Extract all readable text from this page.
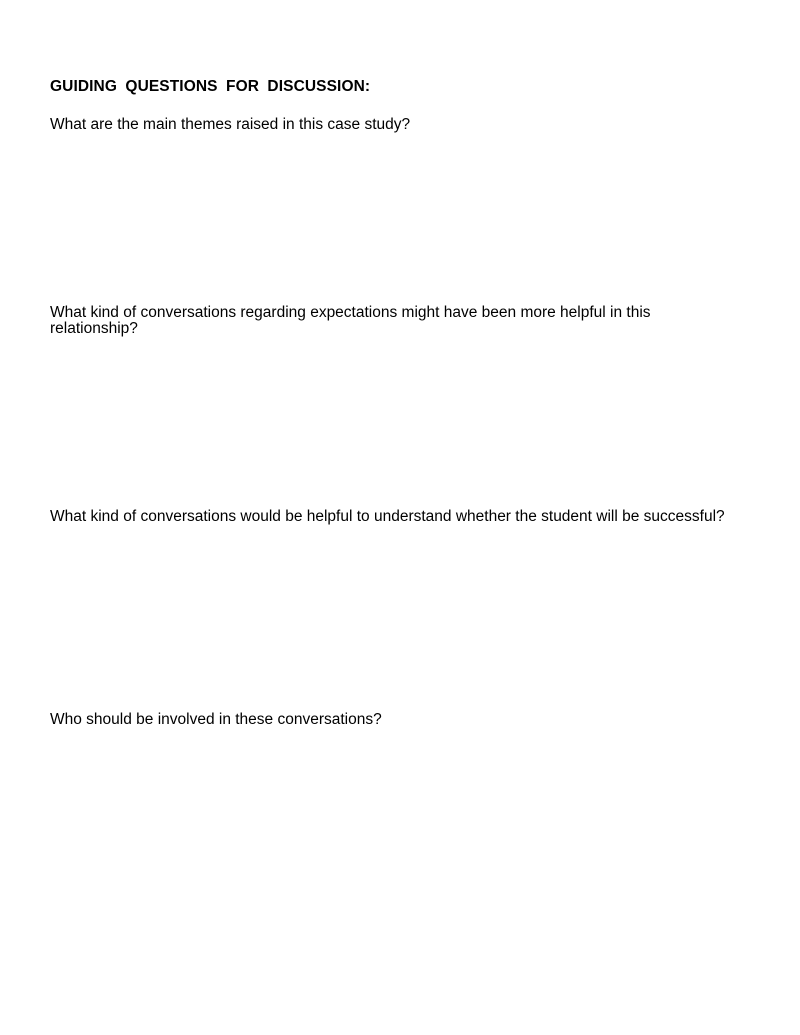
GUIDING QUESTIONS FOR DISCUSSION:
What are the main themes raised in this case study?
What kind of conversations regarding expectations might have been more helpful in this relationship?
What kind of conversations would be helpful to understand whether the student will be successful?
Who should be involved in these conversations?
